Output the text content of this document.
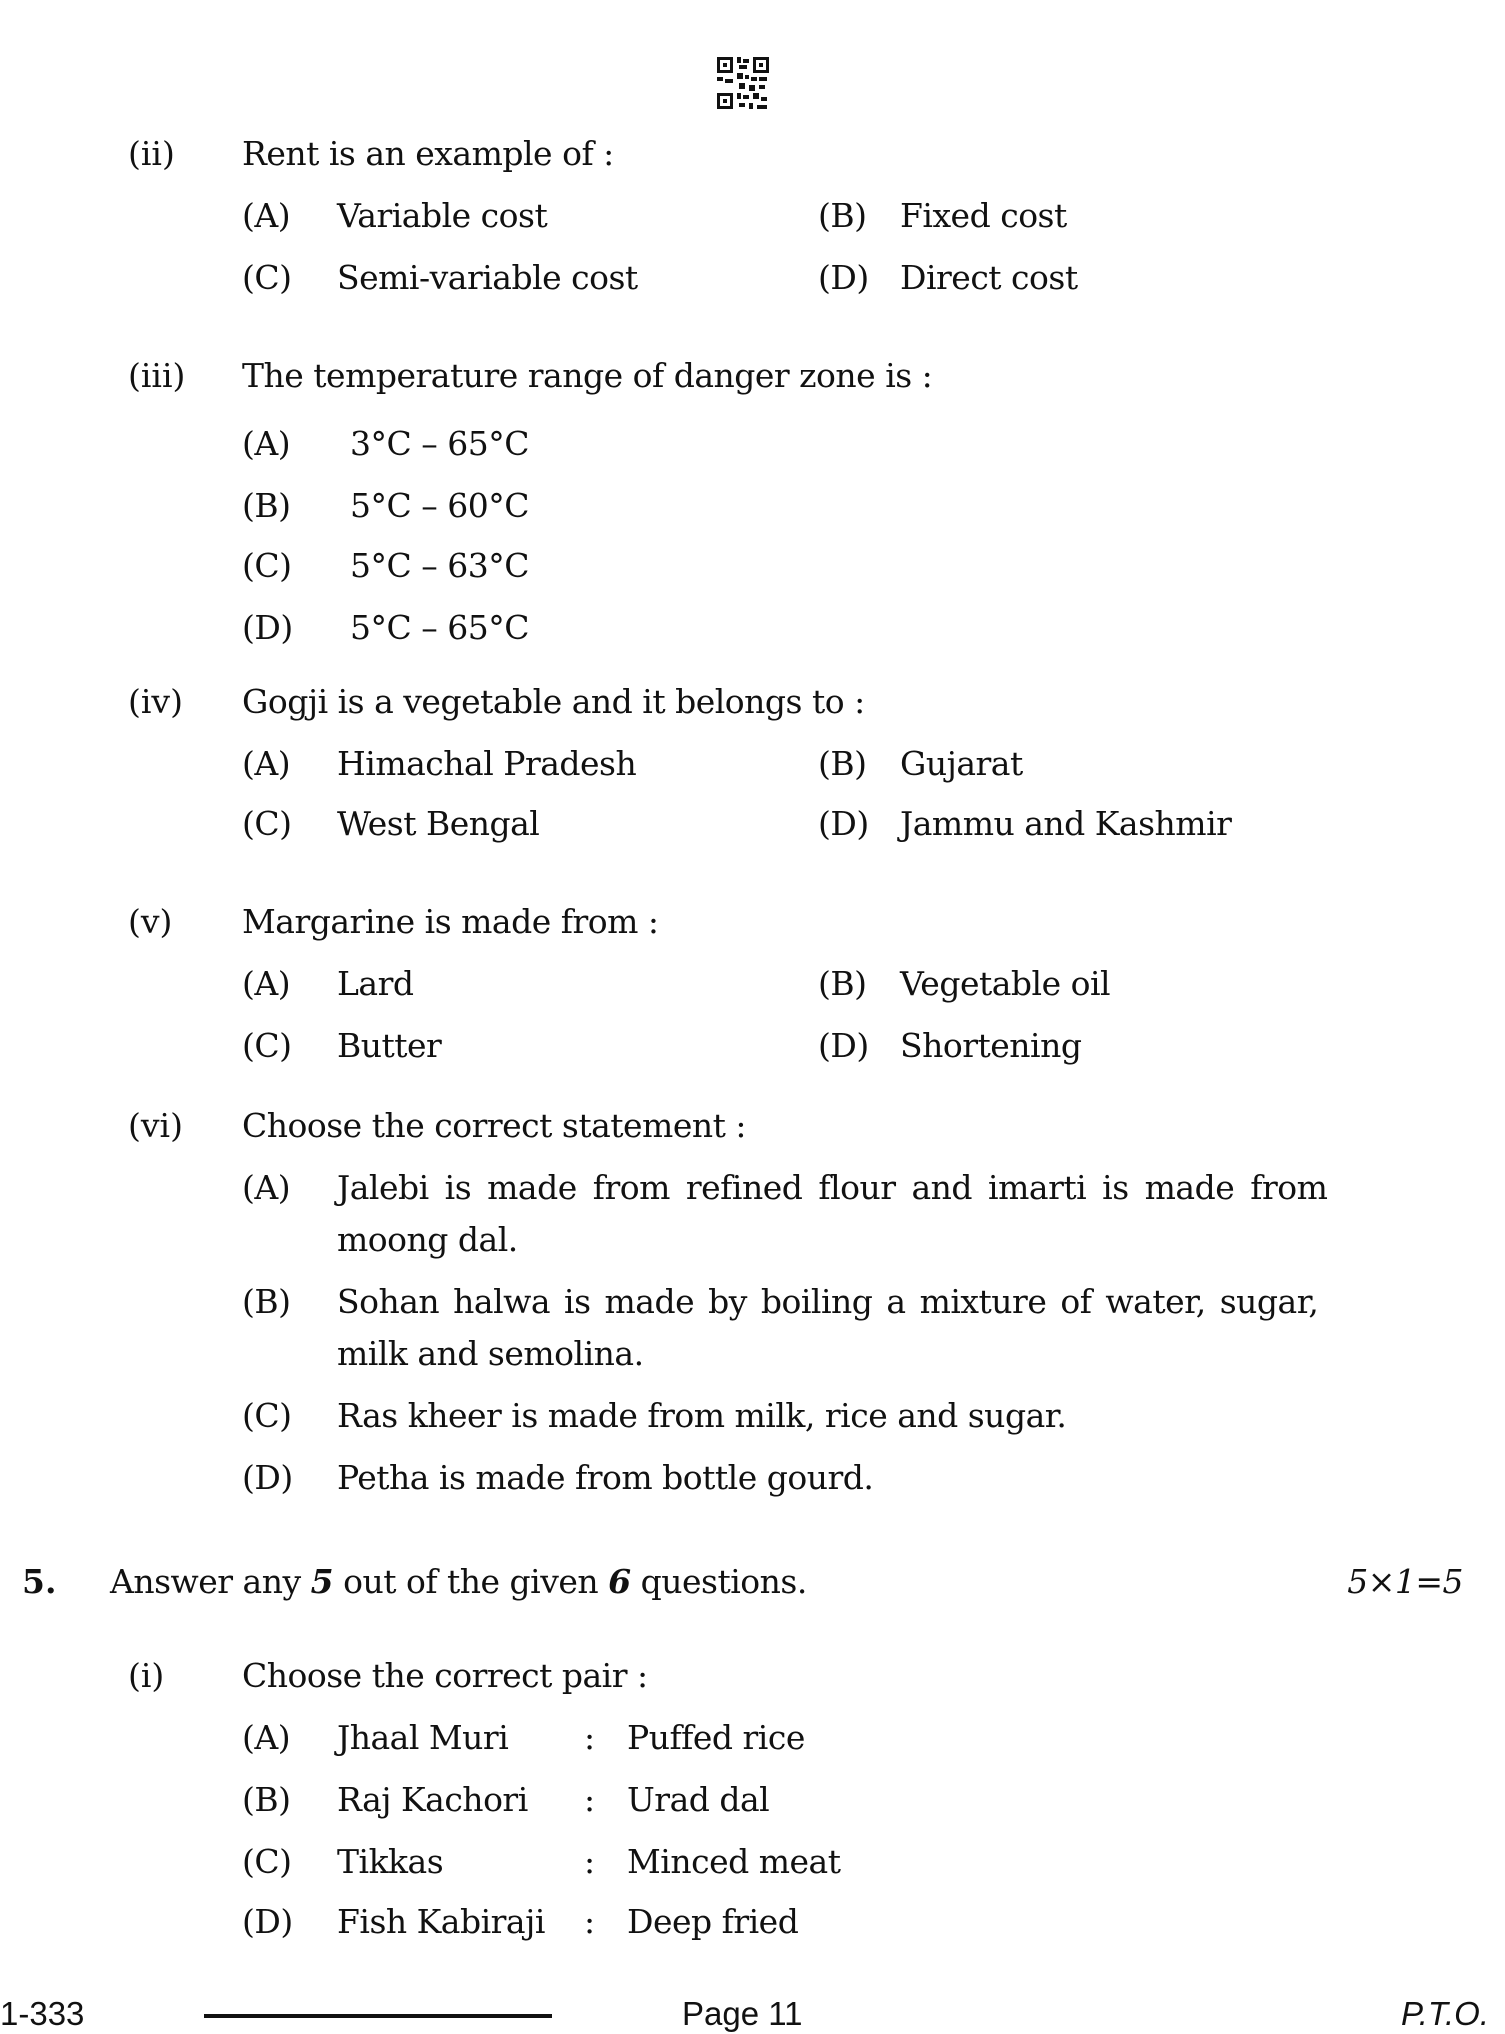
(ii) Rent is an example of :
(A) Variable cost	(B) Fixed cost
(C) Semi-variable cost	(D) Direct cost
(iii) The temperature range of danger zone is :
(A) 3°C – 65°C
(B) 5°C – 60°C
(C) 5°C – 63°C
(D) 5°C – 65°C
(iv) Gogji is a vegetable and it belongs to :
(A) Himachal Pradesh	(B) Gujarat
(C) West Bengal	(D) Jammu and Kashmir
(v) Margarine is made from :
(A) Lard	(B) Vegetable oil
(C) Butter	(D) Shortening
(vi) Choose the correct statement :
(A) Jalebi is made from refined flour and imarti is made from
moong dal.
(B) Sohan halwa is made by boiling a mixture of water, sugar,
milk and semolina.
(C) Ras kheer is made from milk, rice and sugar.
(D) Petha is made from bottle gourd.
5. Answer any 5 out of the given 6 questions.	5×1=5
(i) Choose the correct pair :
(A) Jhaal Muri : Puffed rice
(B) Raj Kachori : Urad dal
(C) Tikkas	: Minced meat
(D) Fish Kabiraji : Deep fried
1-333	Page 11	P.T.O.
